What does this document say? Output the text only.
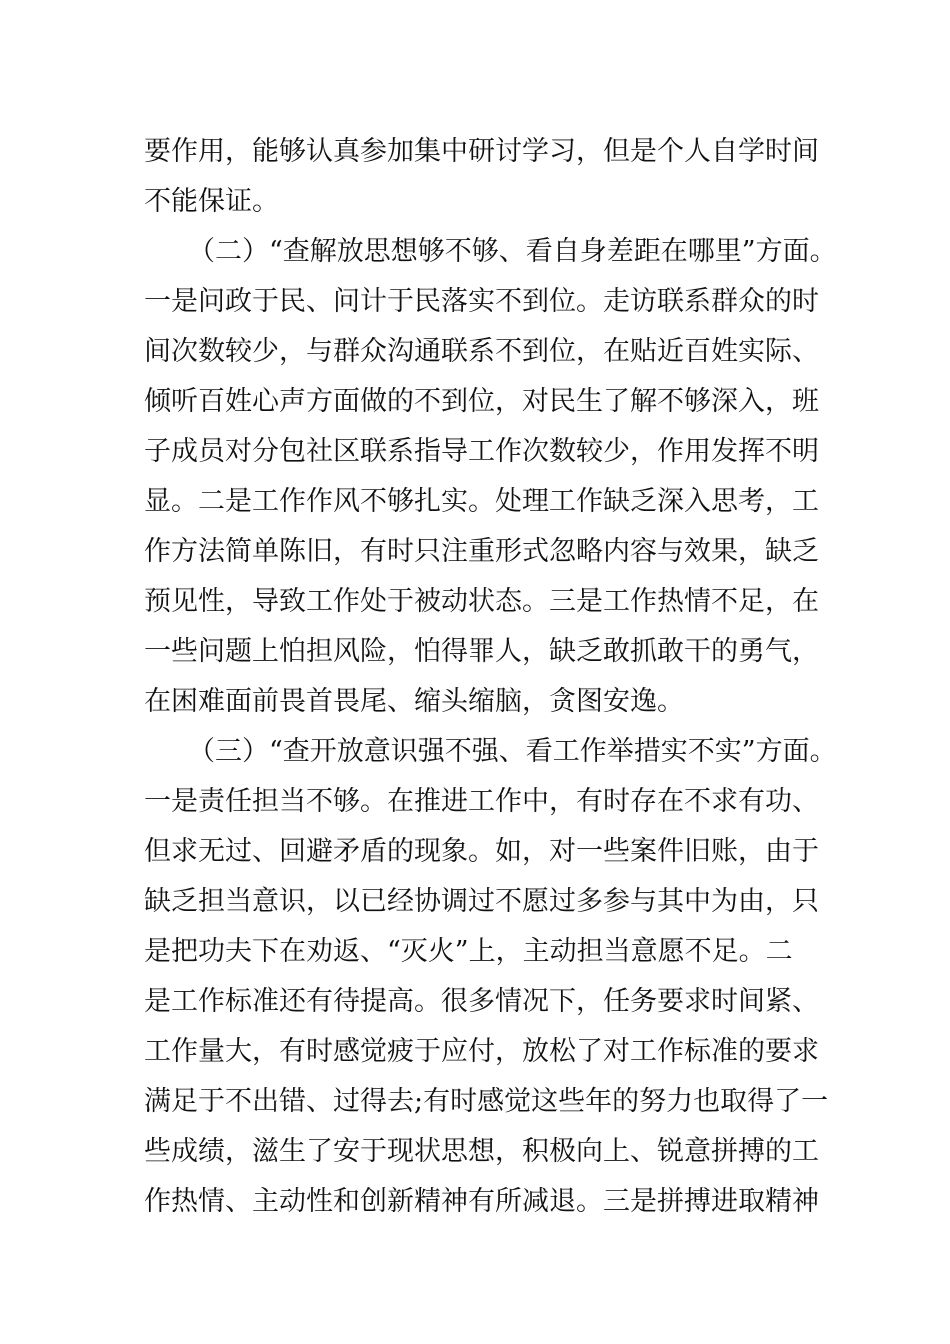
要作用，能够认真参加集中研讨学习，但是个人自学时间
不能保证。
（二）“查解放思想够不够、看自身差距在哪里”方面。
一是问政于民、问计于民落实不到位。走访联系群众的时
间次数较少，与群众沟通联系不到位，在贴近百姓实际、
倾听百姓心声方面做的不到位，对民生了解不够深入，班
子成员对分包社区联系指导工作次数较少，作用发挥不明
显。二是工作作风不够扎实。处理工作缺乏深入思考，工
作方法简单陈旧，有时只注重形式忽略内容与效果，缺乏
预见性，导致工作处于被动状态。三是工作热情不足，在
一些问题上怕担风险，怕得罪人，缺乏敢抓敢干的勇气，
在困难面前畏首畏尾、缩头缩脑，贪图安逸。
（三）“查开放意识强不强、看工作举措实不实”方面。
一是责任担当不够。在推进工作中，有时存在不求有功、
但求无过、回避矛盾的现象。如，对一些案件旧账，由于
缺乏担当意识，以已经协调过不愿过多参与其中为由，只
是把功夫下在劝返、“灭火”上，主动担当意愿不足。二
是工作标准还有待提高。很多情况下，任务要求时间紧、
工作量大，有时感觉疲于应付，放松了对工作标准的要求
满足于不出错、过得去;有时感觉这些年的努力也取得了一
些成绩，滋生了安于现状思想，积极向上、锐意拼搏的工
作热情、主动性和创新精神有所减退。三是拼搏进取精神
